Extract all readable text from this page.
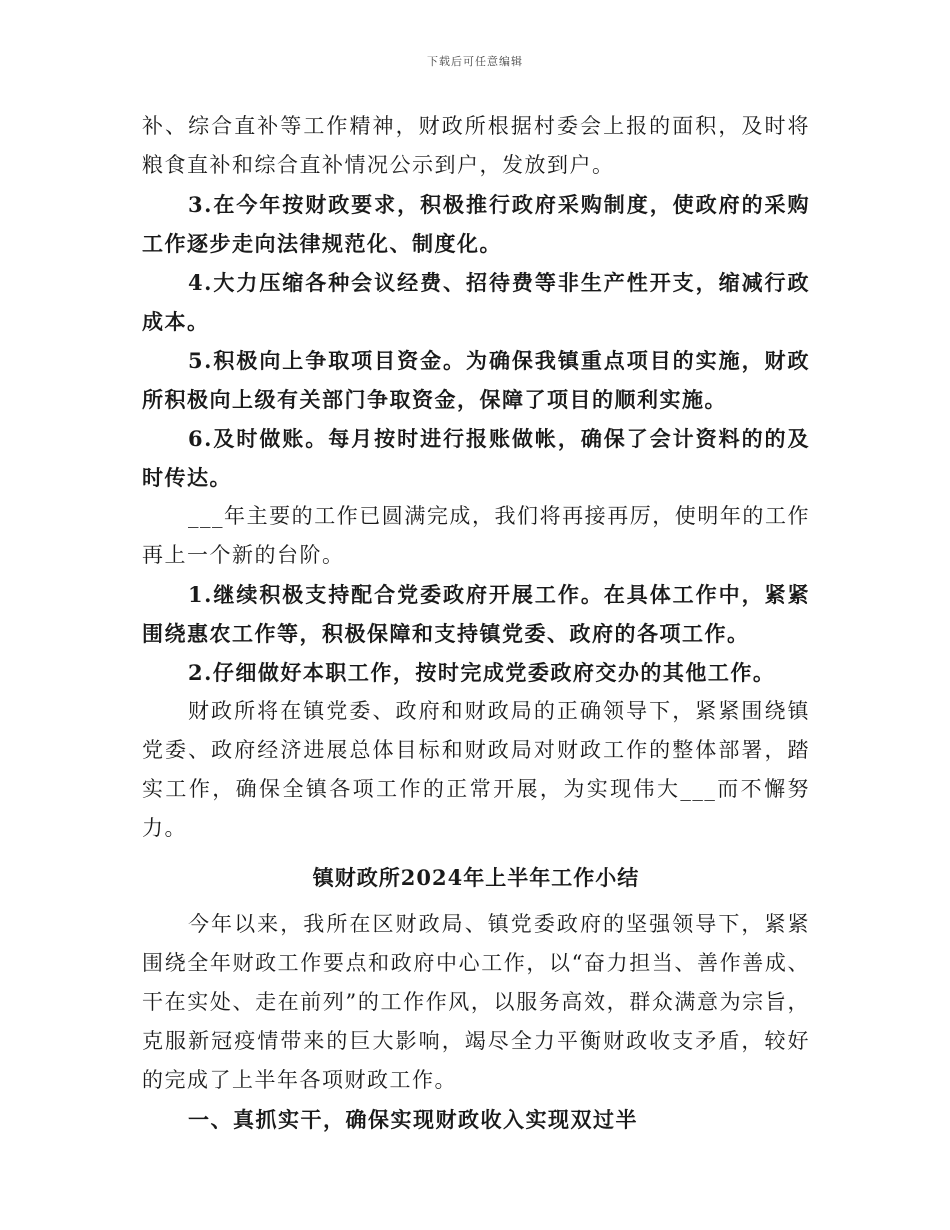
下载后可任意编辑

补、综合直补等工作精神，财政所根据村委会上报的面积，及时将粮食直补和综合直补情况公示到户，发放到户。

3.在今年按财政要求，积极推行政府采购制度，使政府的采购工作逐步走向法律规范化、制度化。

4.大力压缩各种会议经费、招待费等非生产性开支，缩减行政成本。

5.积极向上争取项目资金。为确保我镇重点项目的实施，财政所积极向上级有关部门争取资金，保障了项目的顺利实施。

6.及时做账。每月按时进行报账做帐，确保了会计资料的的及时传达。

___年主要的工作已圆满完成，我们将再接再厉，使明年的工作再上一个新的台阶。

1.继续积极支持配合党委政府开展工作。在具体工作中，紧紧围绕惠农工作等，积极保障和支持镇党委、政府的各项工作。

2.仔细做好本职工作，按时完成党委政府交办的其他工作。

财政所将在镇党委、政府和财政局的正确领导下，紧紧围绕镇党委、政府经济进展总体目标和财政局对财政工作的整体部署，踏实工作，确保全镇各项工作的正常开展，为实现伟大___而不懈努力。

镇财政所2024年上半年工作小结

今年以来，我所在区财政局、镇党委政府的坚强领导下，紧紧围绕全年财政工作要点和政府中心工作，以“奋力担当、善作善成、干在实处、走在前列”的工作作风，以服务高效，群众满意为宗旨，克服新冠疫情带来的巨大影响，竭尽全力平衡财政收支矛盾，较好的完成了上半年各项财政工作。

一、真抓实干，确保实现财政收入实现双过半
